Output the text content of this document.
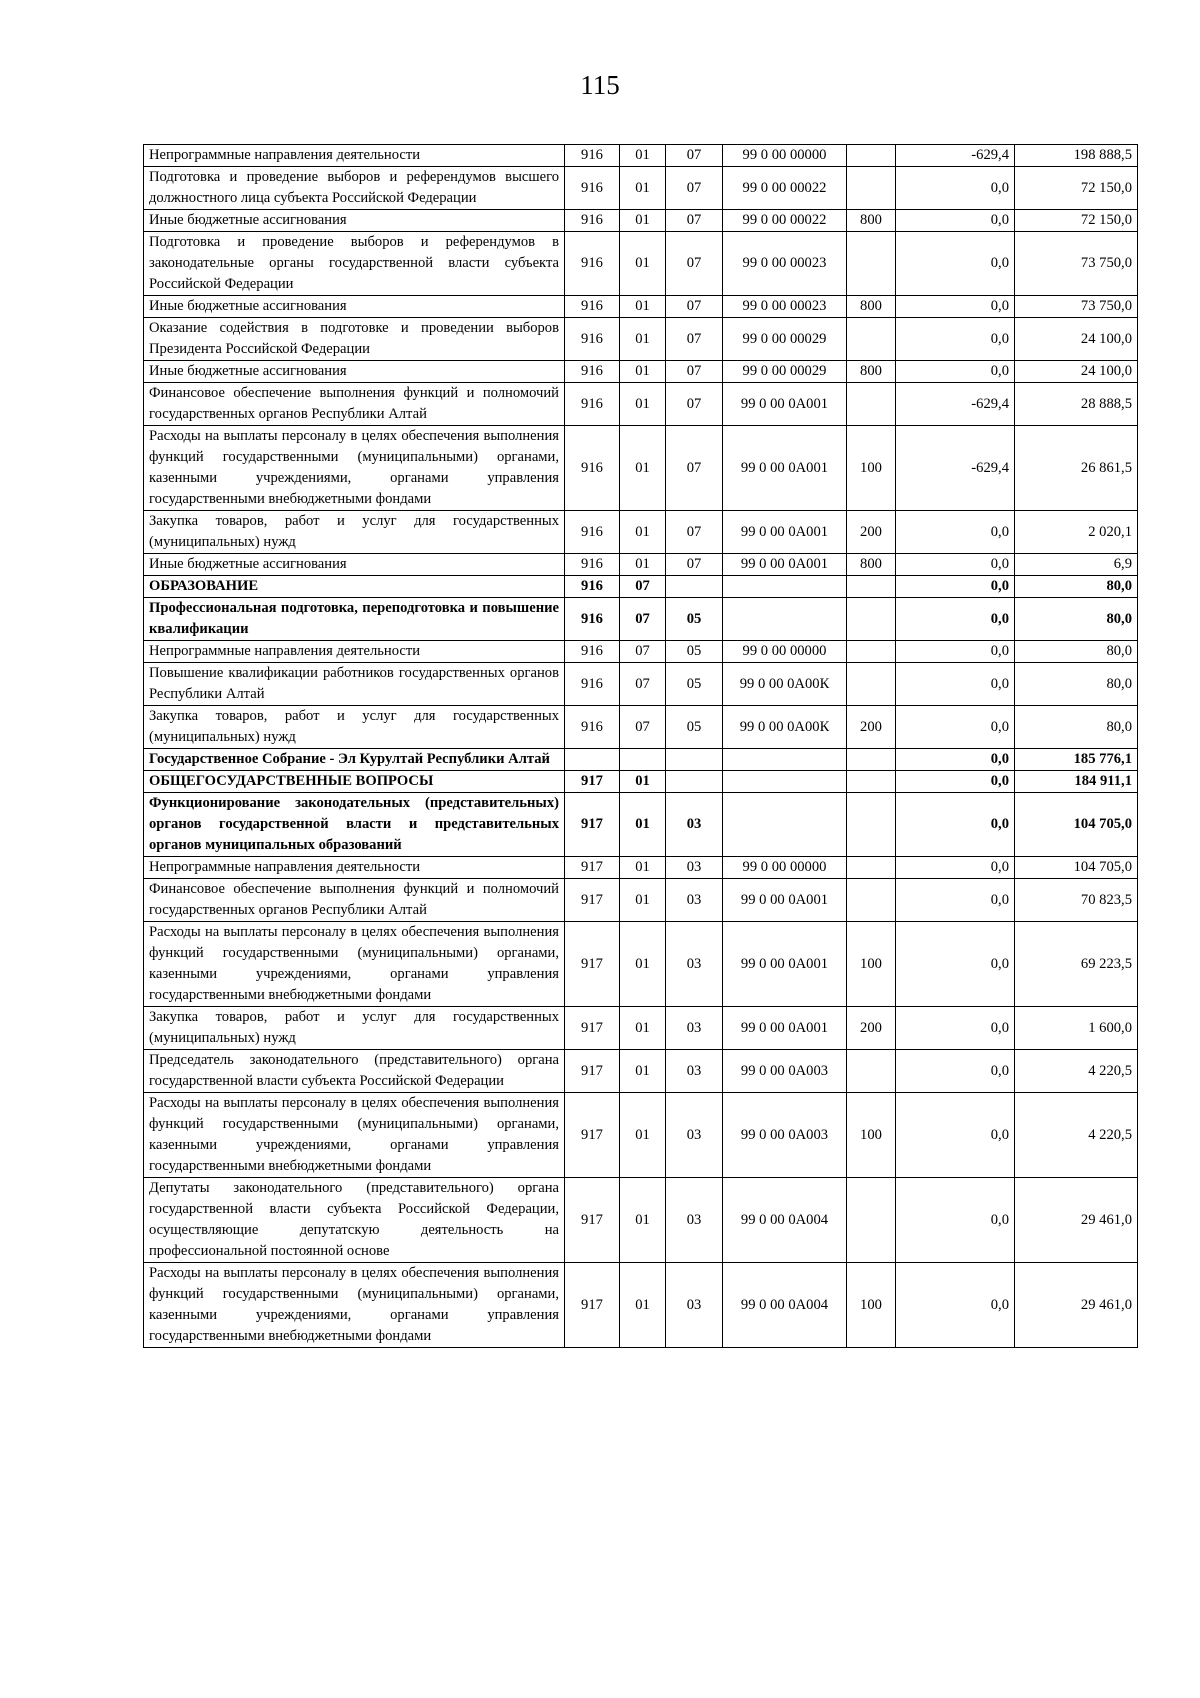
115
Непрограммные направления деятельности	916	01	07	99 0 00 00000		-629,4	198 888,5
Подготовка и проведение выборов и референдумов высшего должностного лица субъекта Российской Федерации	916	01	07	99 0 00 00022		0,0	72 150,0
Иные бюджетные ассигнования	916	01	07	99 0 00 00022	800	0,0	72 150,0
Подготовка и проведение выборов и референдумов в законодательные органы государственной власти субъекта Российской Федерации	916	01	07	99 0 00 00023		0,0	73 750,0
Иные бюджетные ассигнования	916	01	07	99 0 00 00023	800	0,0	73 750,0
Оказание содействия в подготовке и проведении выборов Президента Российской Федерации	916	01	07	99 0 00 00029		0,0	24 100,0
Иные бюджетные ассигнования	916	01	07	99 0 00 00029	800	0,0	24 100,0
Финансовое обеспечение выполнения функций и полномочий государственных органов Республики Алтай	916	01	07	99 0 00 0А001		-629,4	28 888,5
Расходы на выплаты персоналу в целях обеспечения выполнения функций государственными (муниципальными) органами, казенными учреждениями, органами управления государственными внебюджетными фондами	916	01	07	99 0 00 0А001	100	-629,4	26 861,5
Закупка товаров, работ и услуг для государственных (муниципальных) нужд	916	01	07	99 0 00 0А001	200	0,0	2 020,1
Иные бюджетные ассигнования	916	01	07	99 0 00 0А001	800	0,0	6,9
ОБРАЗОВАНИЕ	916	07				0,0	80,0
Профессиональная подготовка, переподготовка и повышение квалификации	916	07	05			0,0	80,0
Непрограммные направления деятельности	916	07	05	99 0 00 00000		0,0	80,0
Повышение квалификации работников государственных органов Республики Алтай	916	07	05	99 0 00 0А00К		0,0	80,0
Закупка товаров, работ и услуг для государственных (муниципальных) нужд	916	07	05	99 0 00 0А00К	200	0,0	80,0
Государственное Собрание - Эл Курултай Республики Алтай						0,0	185 776,1
ОБЩЕГОСУДАРСТВЕННЫЕ ВОПРОСЫ	917	01				0,0	184 911,1
Функционирование законодательных (представительных) органов государственной власти и представительных органов муниципальных образований	917	01	03			0,0	104 705,0
Непрограммные направления деятельности	917	01	03	99 0 00 00000		0,0	104 705,0
Финансовое обеспечение выполнения функций и полномочий государственных органов Республики Алтай	917	01	03	99 0 00 0А001		0,0	70 823,5
Расходы на выплаты персоналу в целях обеспечения выполнения функций государственными (муниципальными) органами, казенными учреждениями, органами управления государственными внебюджетными фондами	917	01	03	99 0 00 0А001	100	0,0	69 223,5
Закупка товаров, работ и услуг для государственных (муниципальных) нужд	917	01	03	99 0 00 0А001	200	0,0	1 600,0
Председатель законодательного (представительного) органа государственной власти субъекта Российской Федерации	917	01	03	99 0 00 0А003		0,0	4 220,5
Расходы на выплаты персоналу в целях обеспечения выполнения функций государственными (муниципальными) органами, казенными учреждениями, органами управления государственными внебюджетными фондами	917	01	03	99 0 00 0А003	100	0,0	4 220,5
Депутаты законодательного (представительного) органа государственной власти субъекта Российской Федерации, осуществляющие депутатскую деятельность на профессиональной постоянной основе	917	01	03	99 0 00 0А004		0,0	29 461,0
Расходы на выплаты персоналу в целях обеспечения выполнения функций государственными (муниципальными) органами, казенными учреждениями, органами управления государственными внебюджетными фондами	917	01	03	99 0 00 0А004	100	0,0	29 461,0
